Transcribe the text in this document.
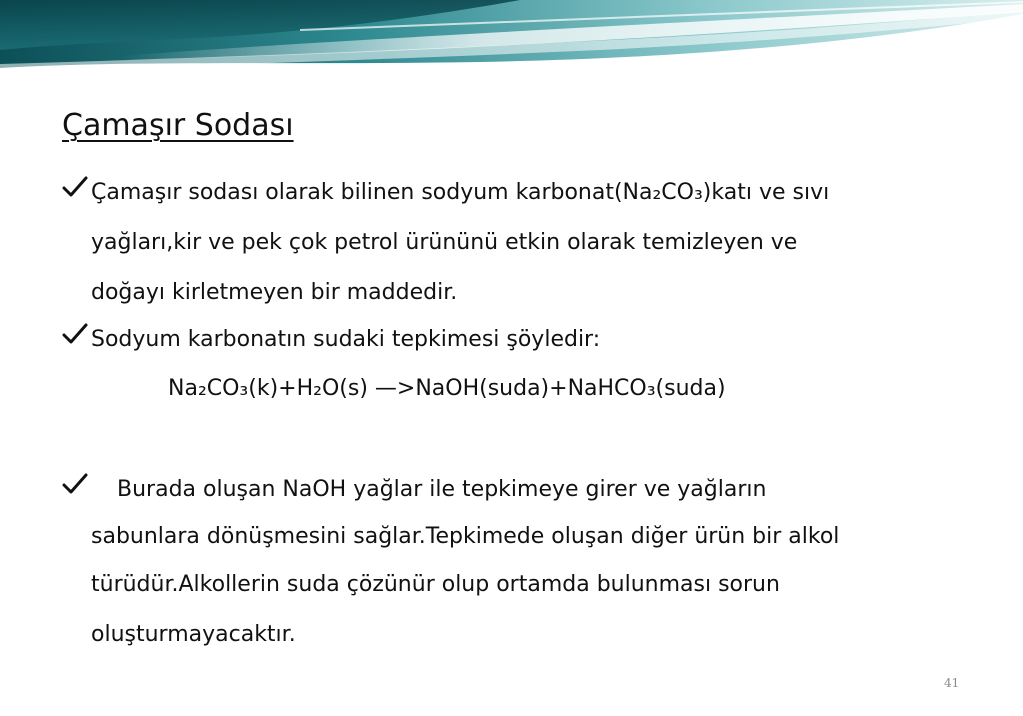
Çamaşır Sodası
Çamaşır sodası olarak bilinen sodyum karbonat(Na₂CO₃)katı ve sıvı
yağları,kir ve pek çok petrol ürününü etkin olarak temizleyen ve
doğayı kirletmeyen bir maddedir.
Sodyum karbonatın sudaki tepkimesi şöyledir:
Na₂CO₃(k)+H₂O(s) —>NaOH(suda)+NaHCO₃(suda)
Burada oluşan NaOH yağlar ile tepkimeye girer ve yağların
sabunlara dönüşmesini sağlar.Tepkimede oluşan diğer ürün bir alkol
türüdür.Alkollerin suda çözünür olup ortamda bulunması sorun
oluşturmayacaktır.
41
